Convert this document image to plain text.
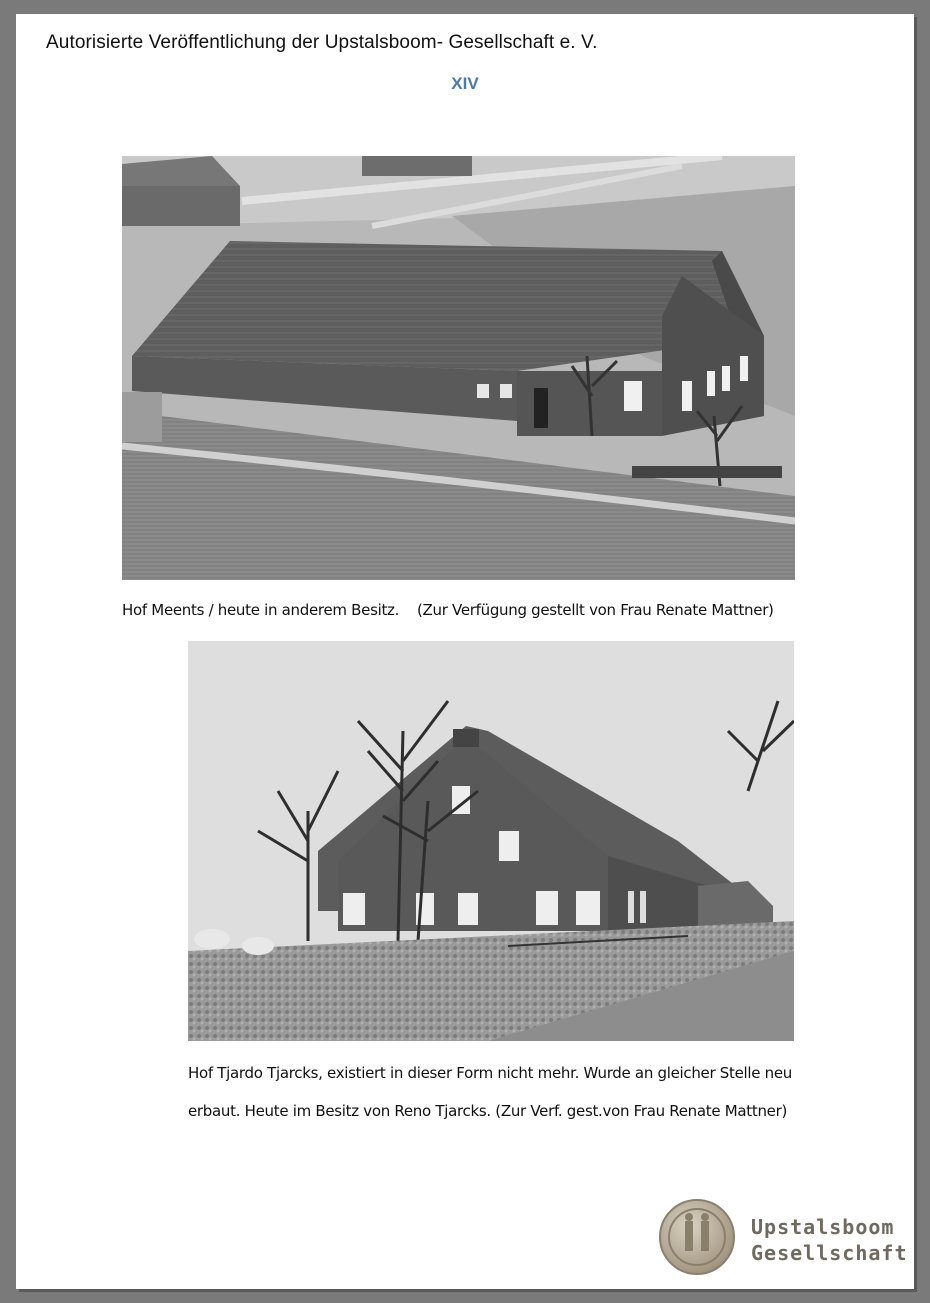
Autorisierte Veröffentlichung der Upstalsboom- Gesellschaft e. V.
XIV
Hof Meents / heute in anderem Besitz. (Zur Verfügung gestellt von Frau Renate Mattner)
Hof Tjardo Tjarcks, existiert in dieser Form nicht mehr. Wurde an gleicher Stelle neu
erbaut. Heute im Besitz von Reno Tjarcks. (Zur Verf. gest.von Frau Renate Mattner)
Upstalsboom
Gesellschaft
